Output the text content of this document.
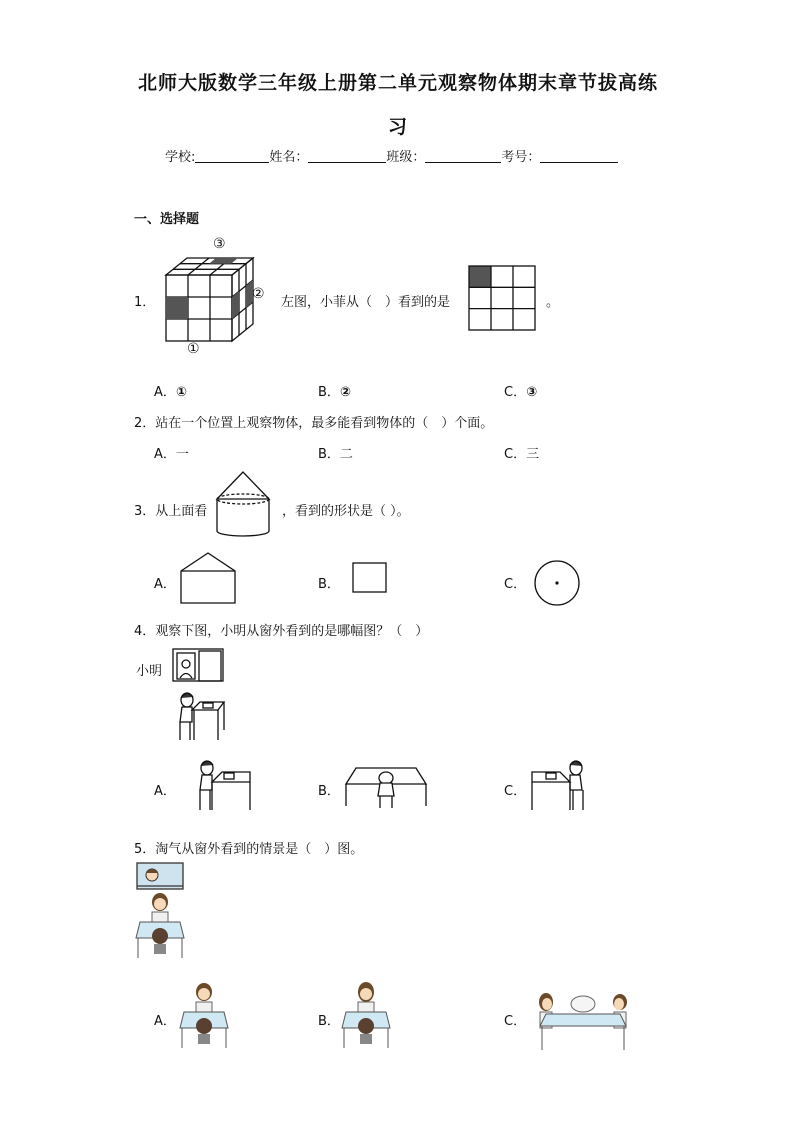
北师大版数学三年级上册第二单元观察物体期末章节拔高练
习
学校:	姓名：	班级：	考号：
一、选择题
1．
③
②
①
左图，小菲从（　）看到的是	。
A．①	B．②	C．③
2．站在一个位置上观察物体，最多能看到物体的（　）个面。
A．一	B．二	C．三
3．从上面看	，看到的形状是（ ）。
A．	B．	C．
4．观察下图，小明从窗外看到的是哪幅图？（　）
小明
A．	B．	C．
5．淘气从窗外看到的情景是（　）图。
A．	B．	C．
